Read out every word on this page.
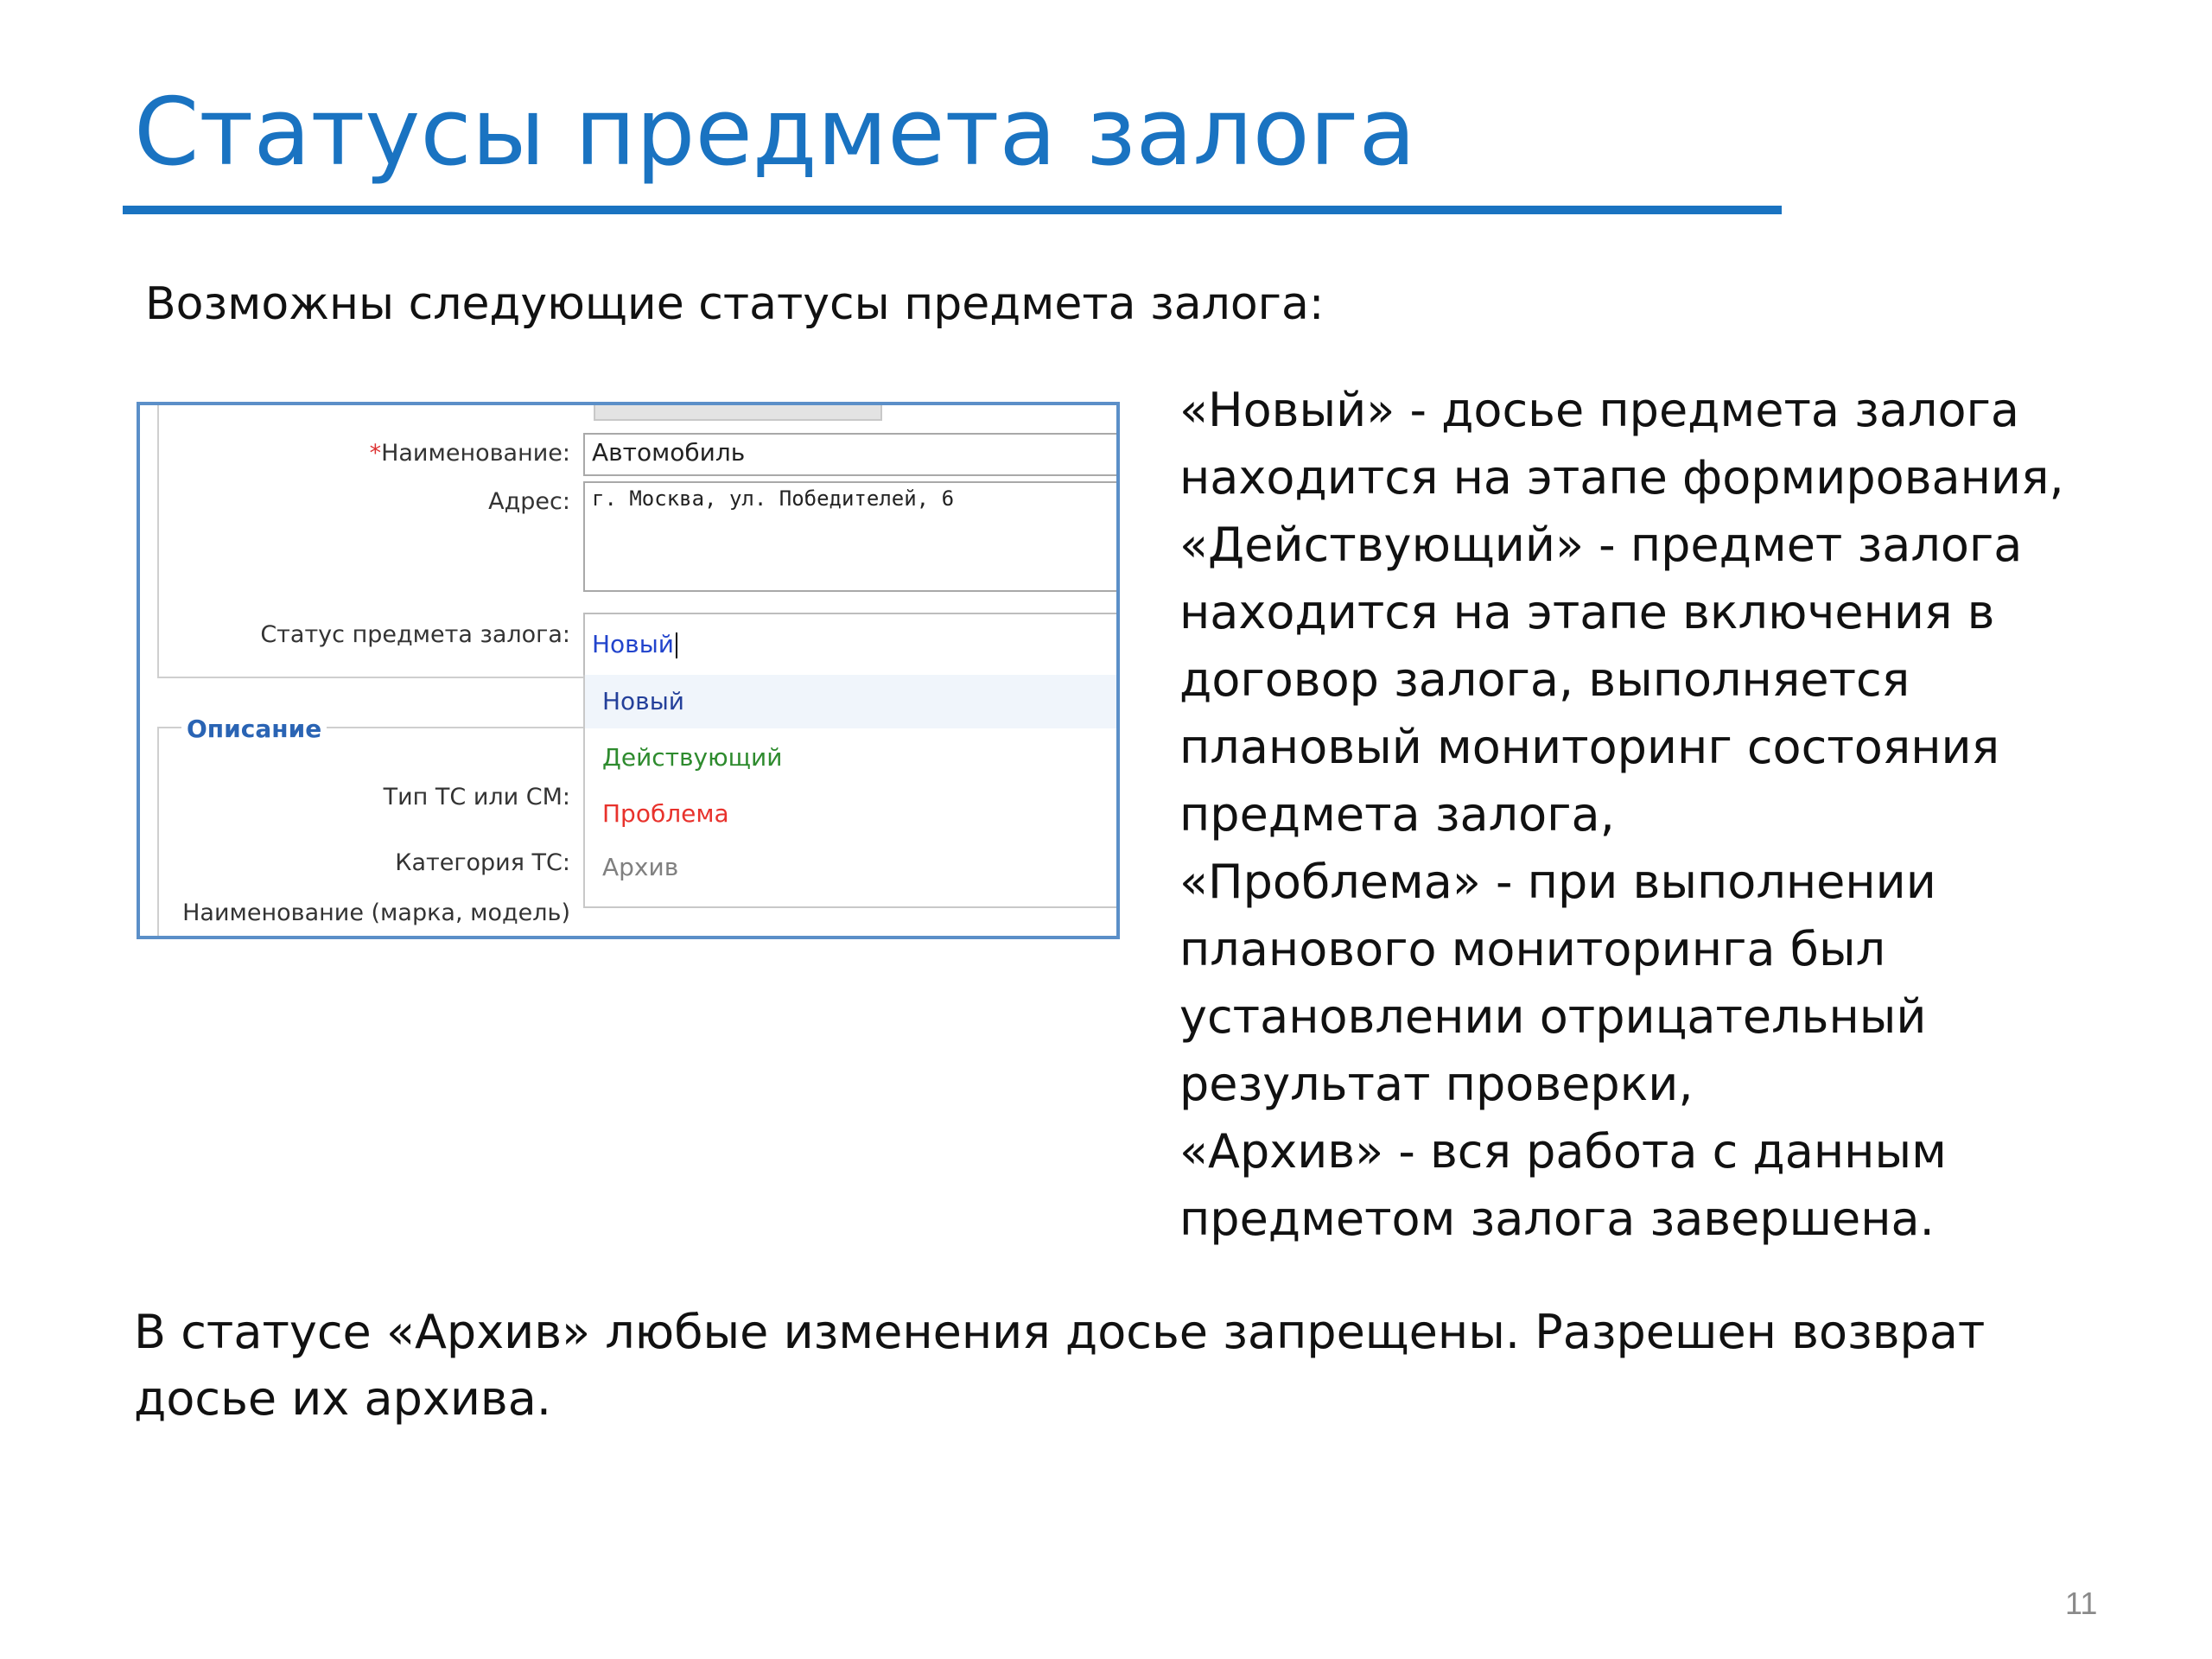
Статусы предмета залога
Возможны следующие статусы предмета залога:
*Наименование: Автомобиль
Адрес:	г. Москва, ул. Победителей, 6
Статус предмета залога: Новый
Новый
Действующий
Проблема
Архив
Описание
Тип ТС или СМ:
Категория ТС:
Наименование (марка, модель)

«Новый» - досье предмета залога находится на этапе формирования,

«Действующий» - предмет залога находится на этапе включения в договор залога, выполняется плановый мониторинг состояния предмета залога,

«Проблема» - при выполнении планового мониторинга был установлении отрицательный результат проверки,

«Архив» - вся работа с данным предметом залога завершена.

В статусе «Архив» любые изменения досье запрещены. Разрешен возврат досье их архива.
11
